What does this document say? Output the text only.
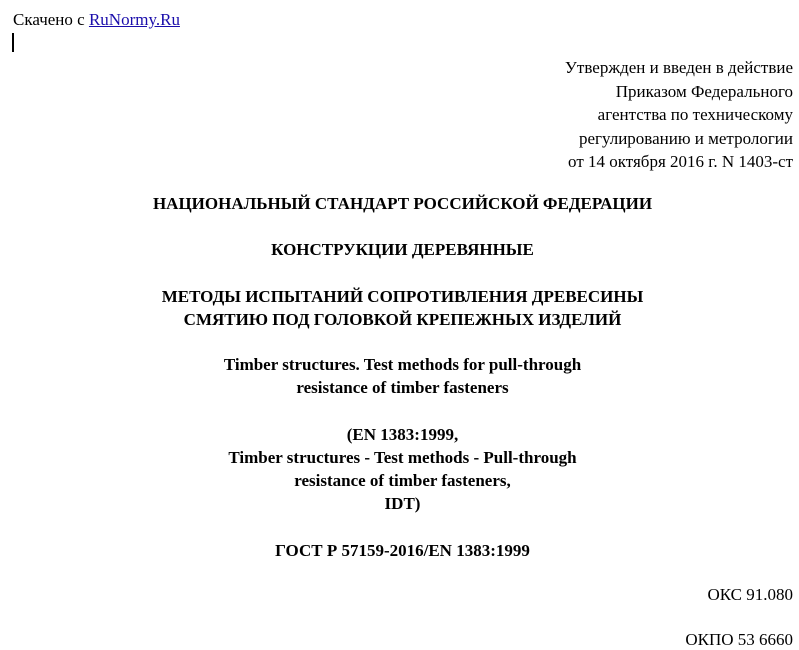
Скачено с RuNormy.Ru
Утвержден и введен в действие
Приказом Федерального
агентства по техническому
регулированию и метрологии
от 14 октября 2016 г. N 1403-ст
НАЦИОНАЛЬНЫЙ СТАНДАРТ РОССИЙСКОЙ ФЕДЕРАЦИИ
КОНСТРУКЦИИ ДЕРЕВЯННЫЕ
МЕТОДЫ ИСПЫТАНИЙ СОПРОТИВЛЕНИЯ ДРЕВЕСИНЫ
СМЯТИЮ ПОД ГОЛОВКОЙ КРЕПЕЖНЫХ ИЗДЕЛИЙ
Timber structures. Test methods for pull-through
resistance of timber fasteners
(EN 1383:1999,
Timber structures - Test methods - Pull-through
resistance of timber fasteners,
IDT)
ГОСТ Р 57159-2016/EN 1383:1999
ОКС 91.080
ОКПО 53 6660
